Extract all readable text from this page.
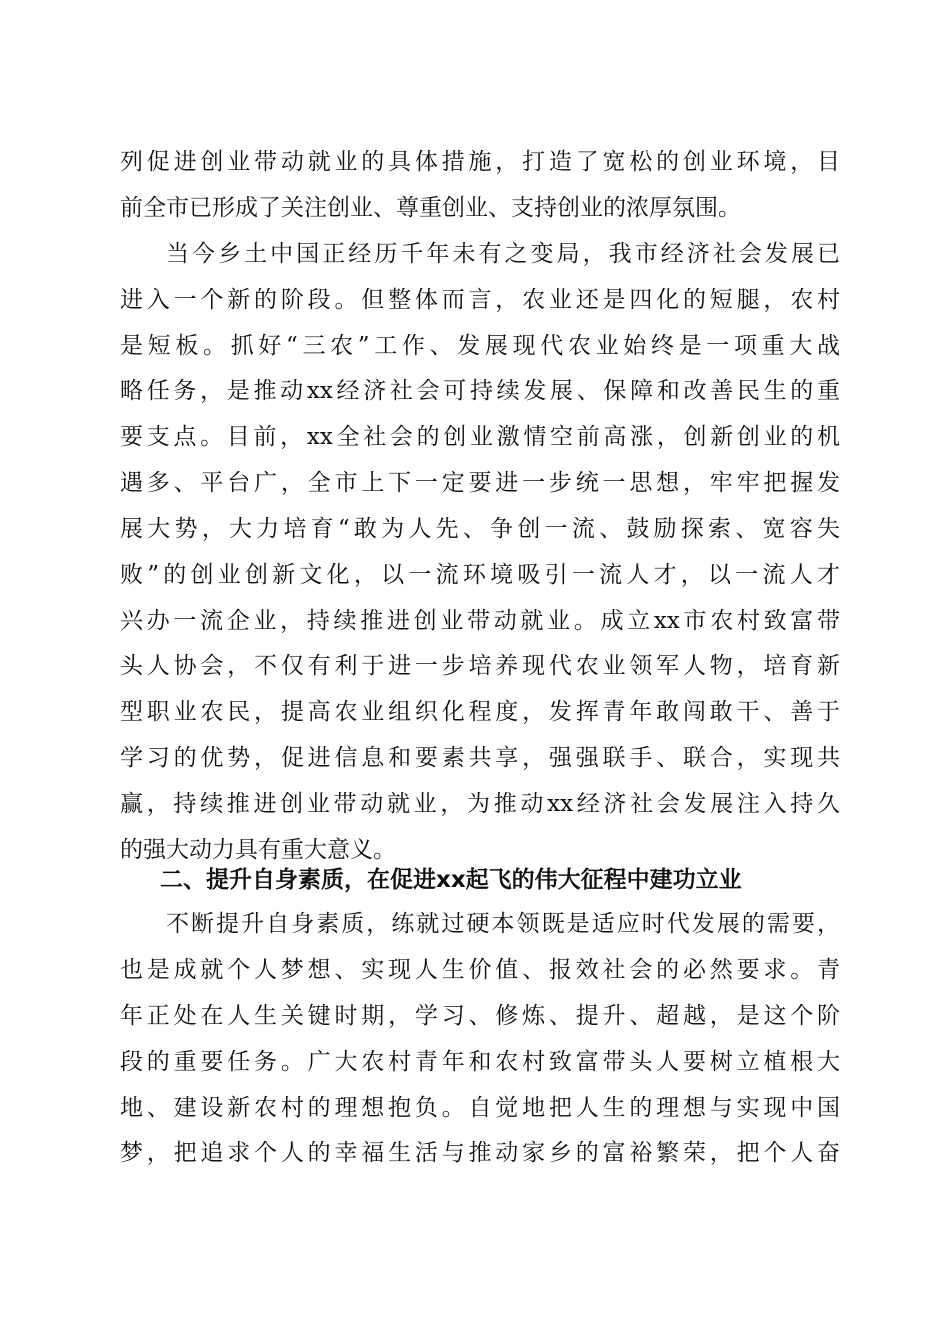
列促进创业带动就业的具体措施，打造了宽松的创业环境，目
前全市已形成了关注创业、尊重创业、支持创业的浓厚氛围。
当今乡土中国正经历千年未有之变局，我市经济社会发展已
进入一个新的阶段。但整体而言，农业还是四化的短腿，农村
是短板。抓好“三农”工作、发展现代农业始终是一项重大战
略任务，是推动xx经济社会可持续发展、保障和改善民生的重
要支点。目前，xx全社会的创业激情空前高涨，创新创业的机
遇多、平台广，全市上下一定要进一步统一思想，牢牢把握发
展大势，大力培育“敢为人先、争创一流、鼓励探索、宽容失
败”的创业创新文化，以一流环境吸引一流人才，以一流人才
兴办一流企业，持续推进创业带动就业。成立xx市农村致富带
头人协会，不仅有利于进一步培养现代农业领军人物，培育新
型职业农民，提高农业组织化程度，发挥青年敢闯敢干、善于
学习的优势，促进信息和要素共享，强强联手、联合，实现共
赢，持续推进创业带动就业，为推动xx经济社会发展注入持久
的强大动力具有重大意义。
二、提升自身素质，在促进xx起飞的伟大征程中建功立业
不断提升自身素质，练就过硬本领既是适应时代发展的需要，
也是成就个人梦想、实现人生价值、报效社会的必然要求。青
年正处在人生关键时期，学习、修炼、提升、超越，是这个阶
段的重要任务。广大农村青年和农村致富带头人要树立植根大
地、建设新农村的理想抱负。自觉地把人生的理想与实现中国
梦，把追求个人的幸福生活与推动家乡的富裕繁荣，把个人奋
